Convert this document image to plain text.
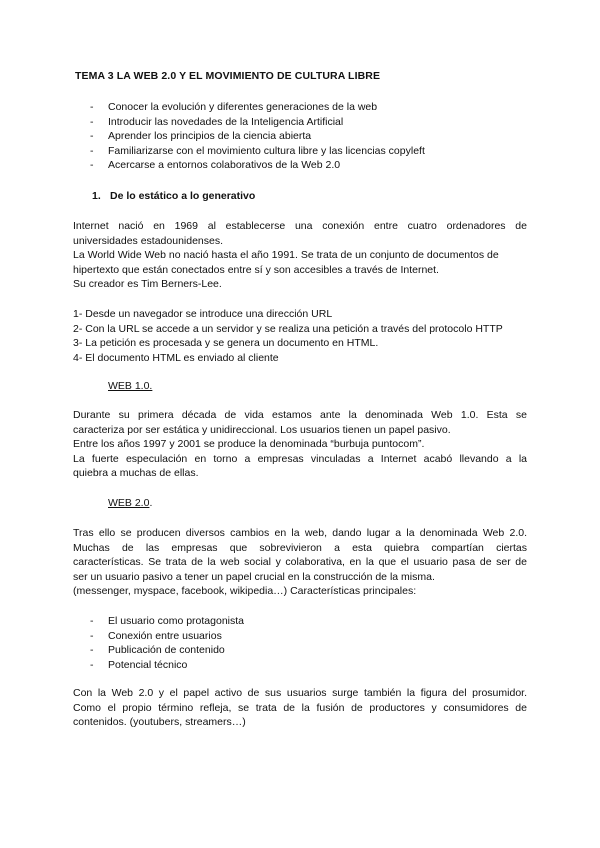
TEMA 3 LA WEB 2.0 Y EL MOVIMIENTO DE CULTURA LIBRE
- Conocer la evolución y diferentes generaciones de la web
- Introducir las novedades de la Inteligencia Artificial
- Aprender los principios de la ciencia abierta
- Familiarizarse con el movimiento cultura libre y las licencias copyleft
- Acercarse a entornos colaborativos de la Web 2.0
1. De lo estático a lo generativo
Internet nació en 1969 al establecerse una conexión entre cuatro ordenadores de
universidades estadounidenses.
La World Wide Web no nació hasta el año 1991. Se trata de un conjunto de documentos de
hipertexto que están conectados entre sí y son accesibles a través de Internet.
Su creador es Tim Berners-Lee.
1- Desde un navegador se introduce una dirección URL
2- Con la URL se accede a un servidor y se realiza una petición a través del protocolo HTTP
3- La petición es procesada y se genera un documento en HTML.
4- El documento HTML es enviado al cliente
WEB 1.0.
Durante su primera década de vida estamos ante la denominada Web 1.0. Esta se
caracteriza por ser estática y unidireccional. Los usuarios tienen un papel pasivo.
Entre los años 1997 y 2001 se produce la denominada “burbuja puntocom”.
La fuerte especulación en torno a empresas vinculadas a Internet acabó llevando a la
quiebra a muchas de ellas.
WEB 2.0.
Tras ello se producen diversos cambios en la web, dando lugar a la denominada Web 2.0.
Muchas de las empresas que sobrevivieron a esta quiebra compartían ciertas
características. Se trata de la web social y colaborativa, en la que el usuario pasa de ser de
ser un usuario pasivo a tener un papel crucial en la construcción de la misma.
(messenger, myspace, facebook, wikipedia…) Características principales:
- El usuario como protagonista
- Conexión entre usuarios
- Publicación de contenido
- Potencial técnico
Con la Web 2.0 y el papel activo de sus usuarios surge también la figura del prosumidor.
Como el propio término refleja, se trata de la fusión de productores y consumidores de
contenidos. (youtubers, streamers…)
